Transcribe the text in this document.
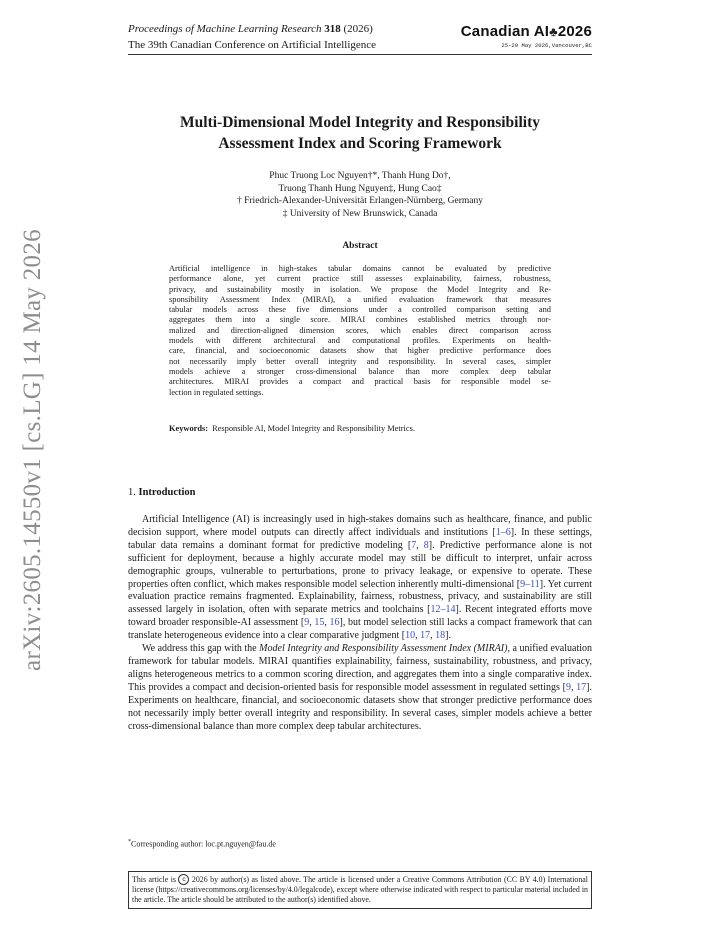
arXiv:2605.14550v1 [cs.LG] 14 May 2026
Proceedings of Machine Learning Research 318 (2026)
The 39th Canadian Conference on Artificial Intelligence
Canadian AI♣2026
25-29 May 2026,Vancouver,BC
Multi-Dimensional Model Integrity and Responsibility
Assessment Index and Scoring Framework
Phuc Truong Loc Nguyen†*, Thanh Hung Do†,
Truong Thanh Hung Nguyen‡, Hung Cao‡
† Friedrich-Alexander-Universität Erlangen-Nürnberg, Germany
‡ University of New Brunswick, Canada
Abstract
Artificial intelligence in high-stakes tabular domains cannot be evaluated by predictive
performance alone, yet current practice still assesses explainability, fairness, robustness,
privacy, and sustainability mostly in isolation. We propose the Model Integrity and Re-
sponsibility Assessment Index (MIRAI), a unified evaluation framework that measures
tabular models across these five dimensions under a controlled comparison setting and
aggregates them into a single score. MIRAI combines established metrics through nor-
malized and direction-aligned dimension scores, which enables direct comparison across
models with different architectural and computational profiles. Experiments on health-
care, financial, and socioeconomic datasets show that higher predictive performance does
not necessarily imply better overall integrity and responsibility. In several cases, simpler
models achieve a stronger cross-dimensional balance than more complex deep tabular
architectures. MIRAI provides a compact and practical basis for responsible model se-
lection in regulated settings.
Keywords: Responsible AI, Model Integrity and Responsibility Metrics.
1. Introduction

Artificial Intelligence (AI) is increasingly used in high-stakes domains such as healthcare, finance, and public decision support, where model outputs can directly affect individuals and institutions [1–6]. In these settings, tabular data remains a dominant format for predictive modeling [7, 8]. Predictive performance alone is not sufficient for deployment, because a highly accurate model may still be difficult to interpret, unfair across demographic groups, vulnerable to perturbations, prone to privacy leakage, or expensive to operate. These properties often conflict, which makes responsible model selection inherently multi-dimensional [9–11]. Yet current evaluation practice remains fragmented. Explainability, fairness, robustness, privacy, and sustainability are still assessed largely in isolation, often with separate metrics and toolchains [12–14]. Recent integrated efforts move toward broader responsible-AI assessment [9, 15, 16], but model selection still lacks a compact framework that can translate heterogeneous evidence into a clear comparative judgment [10, 17, 18].

We address this gap with the Model Integrity and Responsibility Assessment Index (MIRAI), a unified evaluation framework for tabular models. MIRAI quantifies explainability, fairness, sustainability, robustness, and privacy, aligns heterogeneous metrics to a common scoring direction, and aggregates them into a single comparative index. This provides a compact and decision-oriented basis for responsible model assessment in regulated settings [9, 17]. Experiments on healthcare, financial, and socioeconomic datasets show that stronger predictive performance does not necessarily imply better overall integrity and responsibility. In several cases, simpler models achieve a better cross-dimensional balance than more complex deep tabular architectures.

*Corresponding author: loc.pt.nguyen@fau.de
This article is c 2026 by author(s) as listed above. The article is licensed under a Creative Commons Attribution (CC BY 4.0) International license (https://creativecommons.org/licenses/by/4.0/legalcode), except where otherwise indicated with respect to particular material included in the article. The article should be attributed to the author(s) identified above.
